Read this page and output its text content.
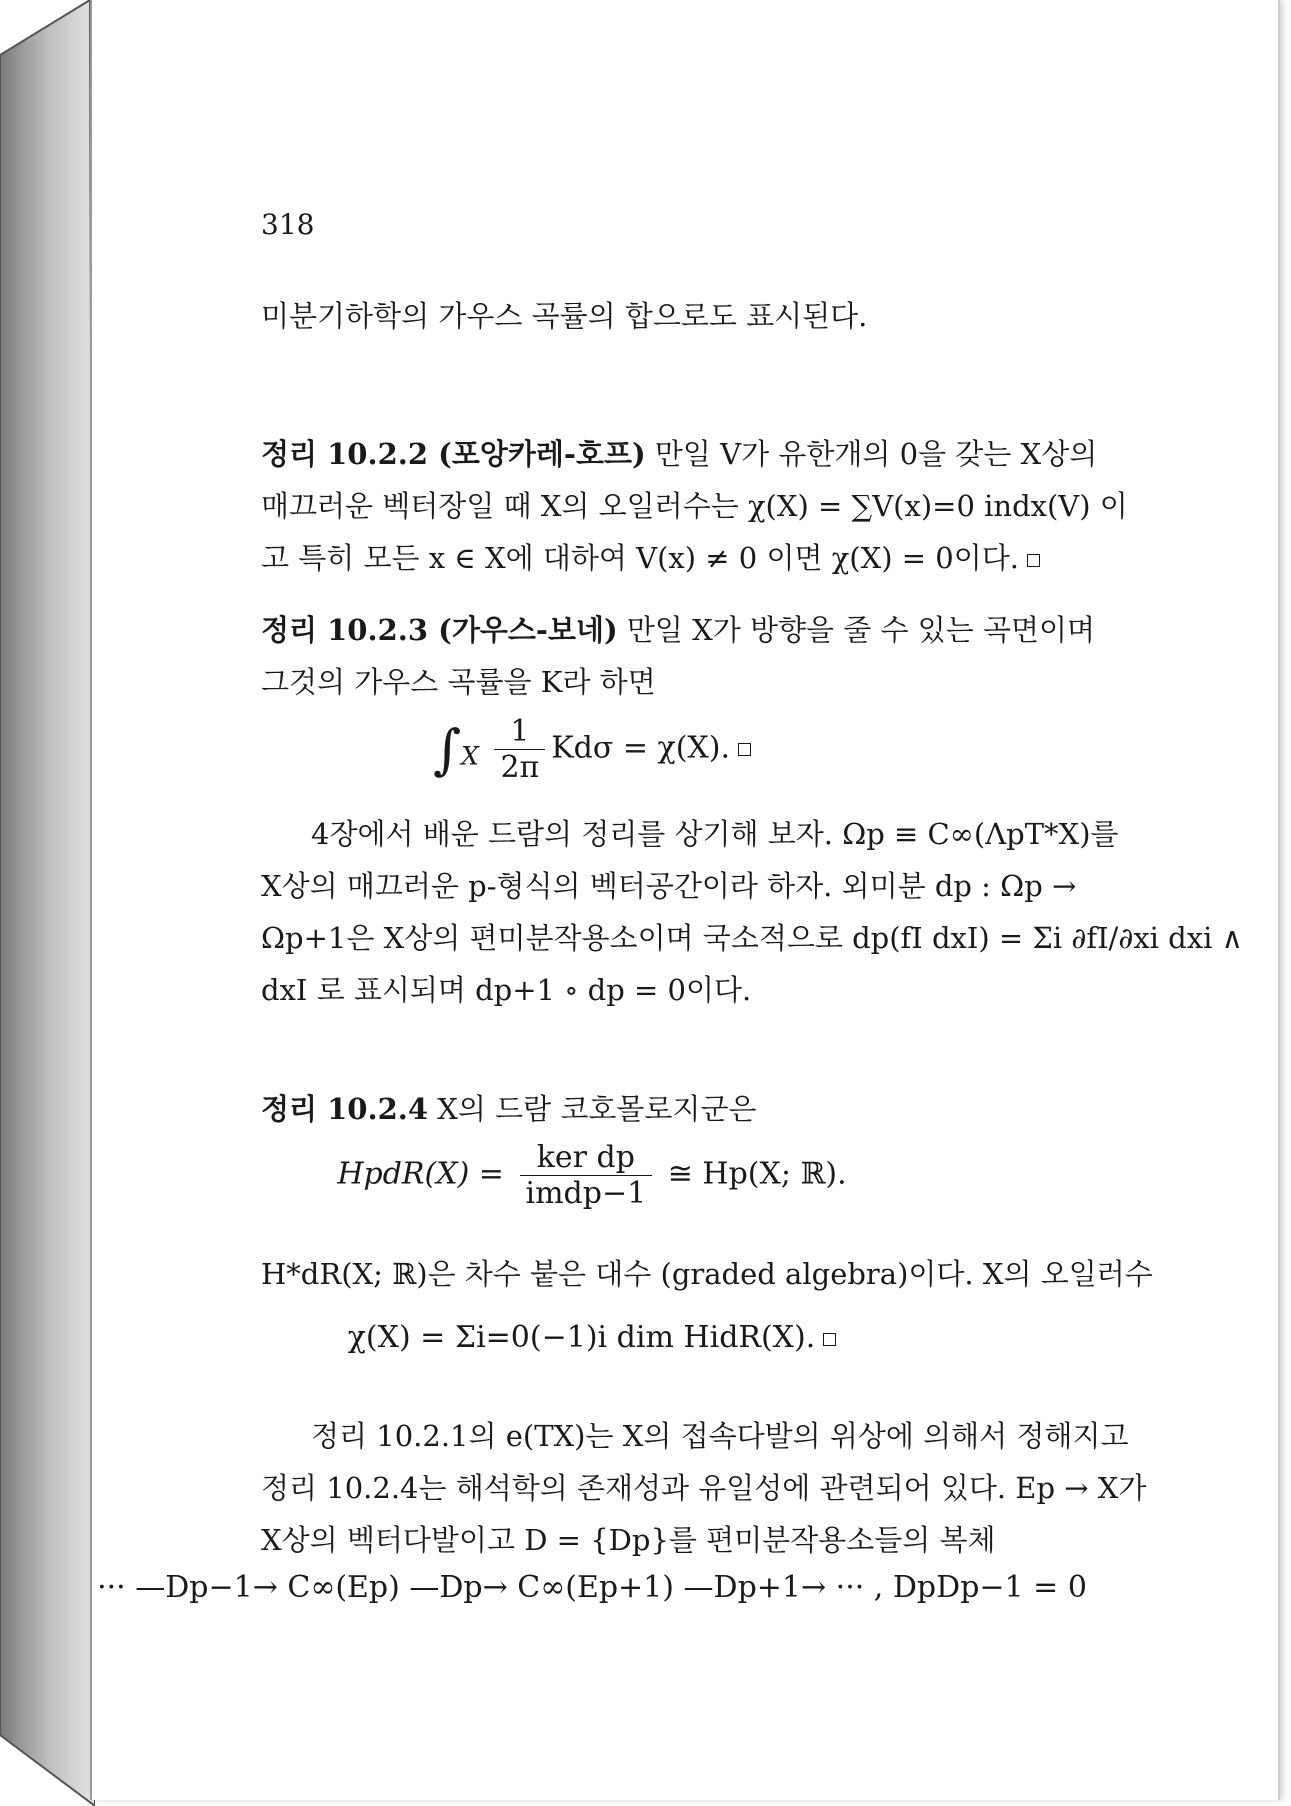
318

미분기하학의 가우스 곡률의 합으로도 표시된다.

정리 10.2.2 (포앙카레-호프) 만일 V가 유한개의 0을 갖는 X상의

매끄러운 벡터장일 때 X의 오일러수는 χ(X) = ∑V(x)=0 indx(V) 이

고 특히 모든 x ∈ X에 대하여 V(x) ≠ 0 이면 χ(X) = 0이다.

정리 10.2.3 (가우스-보네) 만일 X가 방향을 줄 수 있는 곡면이며

그것의 가우스 곡률을 K라 하면

$\int_X \frac{1}{2\pi}$ Kdσ = χ(X).

4장에서 배운 드람의 정리를 상기해 보자. Ωp ≡ C∞(ΛpT*X)를

X상의 매끄러운 p-형식의 벡터공간이라 하자. 외미분 dp : Ωp →

Ωp+1은 X상의 편미분작용소이며 국소적으로 dp(fI dxI) = Σi ∂fI/∂xi dxi ∧

dxI 로 표시되며 dp+1 ∘ dp = 0이다.

정리 10.2.4 X의 드람 코호몰로지군은

HpdR(X) = $\frac{\text{ker dp}}{\text{imdp−1}}$ ≅ Hp(X; ℝ).

H*dR(X; ℝ)은 차수 붙은 대수 (graded algebra)이다. X의 오일러수

χ(X) = Σi=0(−1)i dim HidR(X).

정리 10.2.1의 e(TX)는 X의 접속다발의 위상에 의해서 정해지고

정리 10.2.4는 해석학의 존재성과 유일성에 관련되어 있다. Ep → X가

X상의 벡터다발이고 D = {Dp}를 편미분작용소들의 복체

··· —Dp−1→ C∞(Ep) —Dp→ C∞(Ep+1) —Dp+1→ ··· , DpDp−1 = 0
